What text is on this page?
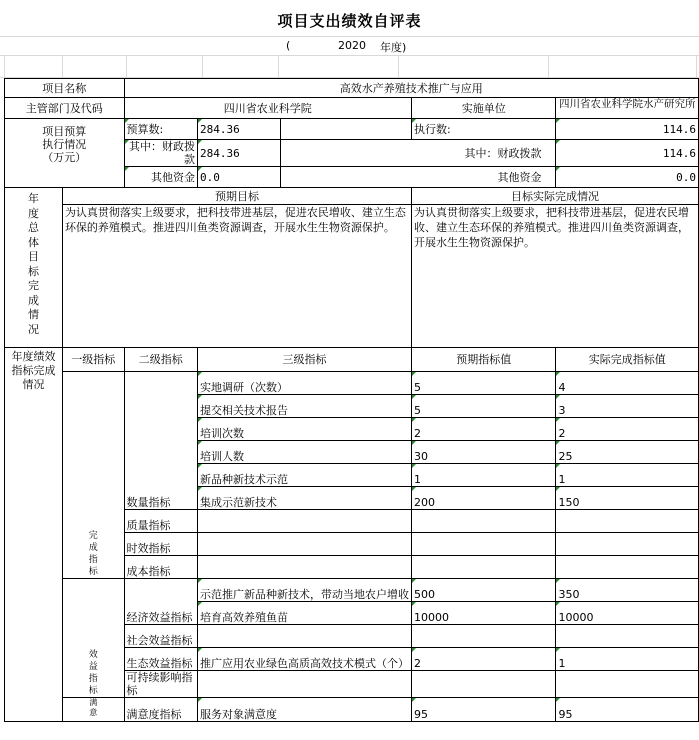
项目支出绩效自评表
(	2020 年度)
项目名称		高效水产养殖技术推广与应用				
主管部门及代码		四川省农业科学院			实施单位	四川省农业科学院水产研究所

项目预算
执行情况
（万元）		预算数:	284.36		执行数:	114.6

其中：财政拨款	284.36	其中：财政拨款		114.6

其他资金	0.0	其他资金		0.0

年度总体目标完成情况	预期目标				目标实际完成情况	
	为认真贯彻落实上级要求，把科技带进基层，促进农民增收、建立生态环保的养殖模式。推进四川鱼类资源调查，开展水生生物资源保护。				为认真贯彻落实上级要求，把科技带进基层，促进农民增收、建立生态环保的养殖模式。推进四川鱼类资源调查，开展水生生物资源保护。	

年度绩效指标完成情况	一级指标	二级指标	三级指标		预期指标值	实际完成指标值

	完成指标	数量指标	实地调研（次数）		5	4

提交相关技术报告		5	3

培训次数		2	2

培训人数		30	25

新品种新技术示范		1	1

集成示范新技术		200	150
		质量指标				
		时效指标				
		成本指标				

	效益指标	经济效益指标	示范推广新品种新技术，带动当地农户增收		500	350

培育高效养殖鱼苗		10000	10000
		社会效益指标				
		生态效益指标	推广应用农业绿色高质高效技术模式（个）		2	1
		可持续影响指标				

	满意	满意度指标	服务对象满意度		95	95
